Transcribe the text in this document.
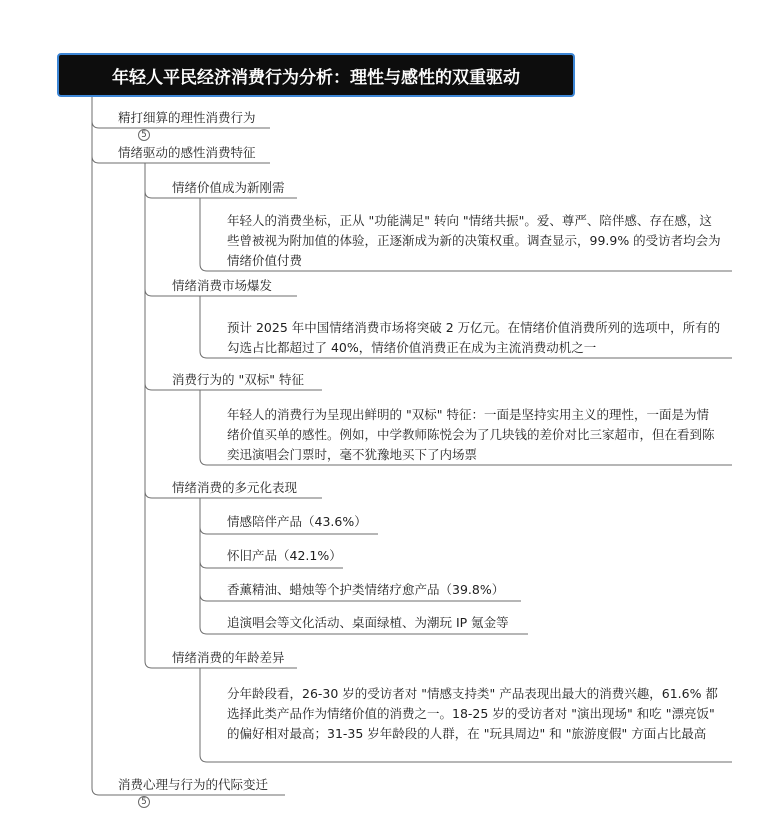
年轻人平民经济消费行为分析：理性与感性的双重驱动
精打细算的理性消费行为
5
情绪驱动的感性消费特征
情绪价值成为新刚需
年轻人的消费坐标，正从 "功能满足" 转向 "情绪共振"。爱、尊严、陪伴感、存在感，这些曾被视为附加值的体验，正逐渐成为新的决策权重。调查显示，99.9% 的受访者均会为情绪价值付费
情绪消费市场爆发
预计 2025 年中国情绪消费市场将突破 2 万亿元。在情绪价值消费所列的选项中，所有的勾选占比都超过了 40%，情绪价值消费正在成为主流消费动机之一
消费行为的 "双标" 特征
年轻人的消费行为呈现出鲜明的 "双标" 特征：一面是坚持实用主义的理性，一面是为情绪价值买单的感性。例如，中学教师陈悦会为了几块钱的差价对比三家超市，但在看到陈奕迅演唱会门票时，毫不犹豫地买下了内场票
情绪消费的多元化表现
情感陪伴产品（43.6%）
怀旧产品（42.1%）
香薰精油、蜡烛等个护类情绪疗愈产品（39.8%）
追演唱会等文化活动、桌面绿植、为潮玩 IP 氪金等
情绪消费的年龄差异
分年龄段看，26-30 岁的受访者对 "情感支持类" 产品表现出最大的消费兴趣，61.6% 都选择此类产品作为情绪价值的消费之一。18-25 岁的受访者对 "演出现场" 和吃 "漂亮饭" 的偏好相对最高；31-35 岁年龄段的人群，在 "玩具周边" 和 "旅游度假" 方面占比最高
消费心理与行为的代际变迁
5
